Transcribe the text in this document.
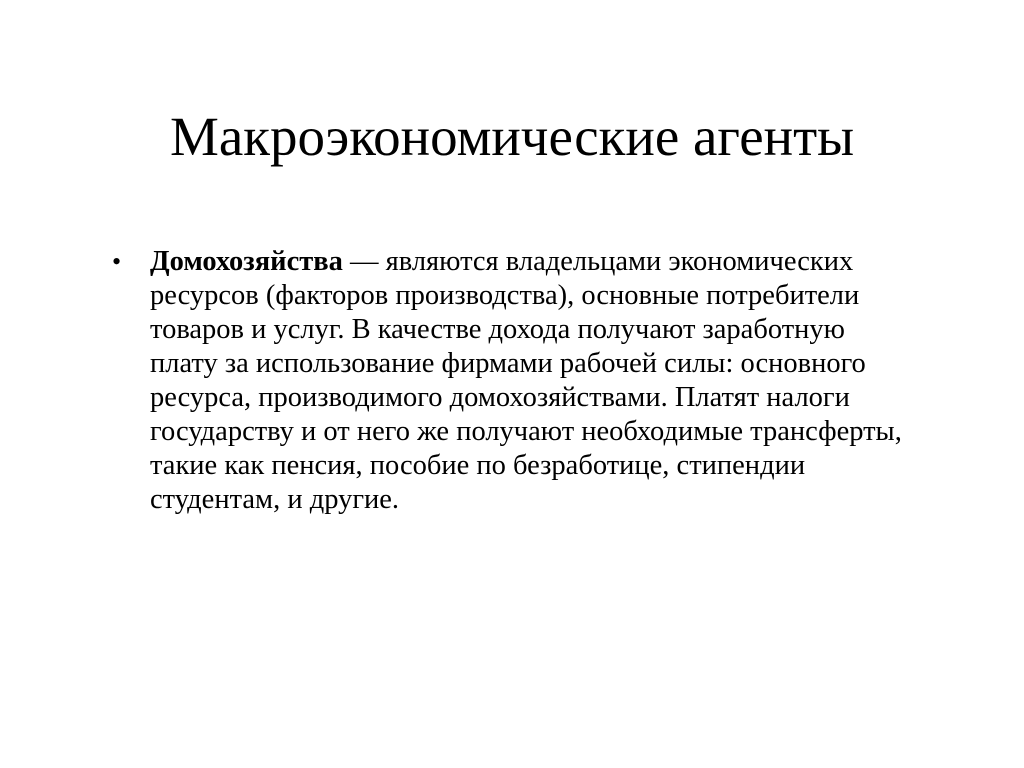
Макроэкономические агенты
• Домохозяйства — являются владельцами экономических ресурсов (факторов производства), основные потребители товаров и услуг. В качестве дохода получают заработную плату за использование фирмами рабочей силы: основного ресурса, производимого домохозяйствами. Платят налоги государству и от него же получают необходимые трансферты, такие как пенсия, пособие по безработице, стипендии студентам, и другие.
